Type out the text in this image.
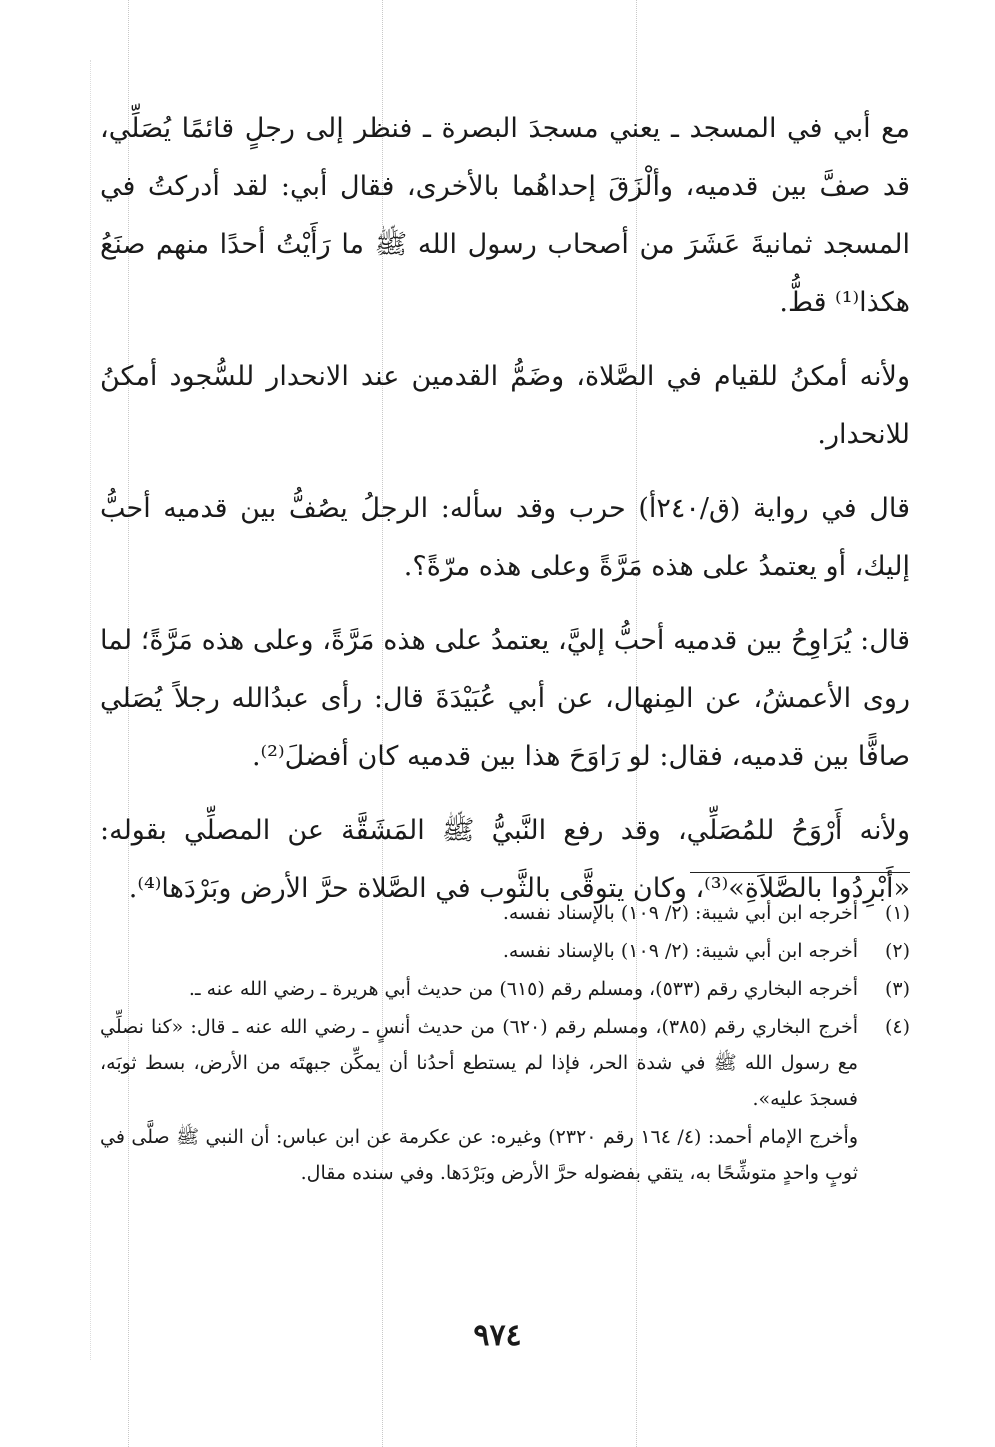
مع أبي في المسجد ـ يعني مسجدَ البصرة ـ فنظر إلى رجلٍ قائمًا يُصَلِّي، قد صفَّ بين قدميه، وألْزَقَ إحداهُما بالأخرى، فقال أبي: لقد أدركتُ في المسجد ثمانيةَ عَشَرَ من أصحاب رسول الله ﷺ ما رَأَيْتُ أحدًا منهم صنَعُ هكذا⁽¹⁾ قطُّ.

ولأنه أمكنُ للقيام في الصَّلاة، وضَمُّ القدمين عند الانحدار للسُّجود أمكنُ للانحدار.

قال في رواية (ق/٢٤٠أ) حرب وقد سأله: الرجلُ يصُفُّ بين قدميه أحبُّ إليك، أو يعتمدُ على هذه مَرَّةً وعلى هذه مرّةً؟.

قال: يُرَاوِحُ بين قدميه أحبُّ إليَّ، يعتمدُ على هذه مَرَّةً، وعلى هذه مَرَّةً؛ لما روى الأعمشُ، عن المِنهال، عن أبي عُبَيْدَةَ قال: رأى عبدُالله رجلاً يُصَلي صافًّا بين قدميه، فقال: لو رَاوَحَ هذا بين قدميه كان أفضلَ⁽²⁾.

ولأنه أَرْوَحُ للمُصَلِّي، وقد رفع النَّبيُّ ﷺ المَشَقَّة عن المصلِّي بقوله: «أَبْرِدُوا بالصَّلاَةِ»⁽³⁾، وكان يتوقَّى بالثَّوب في الصَّلاة حرَّ الأرض وبَرْدَها⁽⁴⁾.

(١)
أخرجه ابن أبي شيبة: (٢/ ١٠٩) بالإسناد نفسه.
(٢)
أخرجه ابن أبي شيبة: (٢/ ١٠٩) بالإسناد نفسه.
(٣)
أخرجه البخاري رقم (٥٣٣)، ومسلم رقم (٦١٥) من حديث أبي هريرة ـ رضي الله عنه ـ.
(٤)
أخرج البخاري رقم (٣٨٥)، ومسلم رقم (٦٢٠) من حديث أنسٍ ـ رضي الله عنه ـ قال: «كنا نصلِّي مع رسول الله ﷺ في شدة الحر، فإذا لم يستطع أحدُنا أن يمكِّن جبهتَه من الأرض، بسط ثوبَه، فسجدَ عليه».

وأخرج الإمام أحمد: (٤/ ١٦٤ رقم ٢٣٢٠) وغيره: عن عكرمة عن ابن عباس: أن النبي ﷺ صلَّى في ثوبٍ واحدٍ متوشِّحًا به، يتقي بفضوله حرَّ الأرض وبَرْدَها. وفي سنده مقال.

٩٧٤
